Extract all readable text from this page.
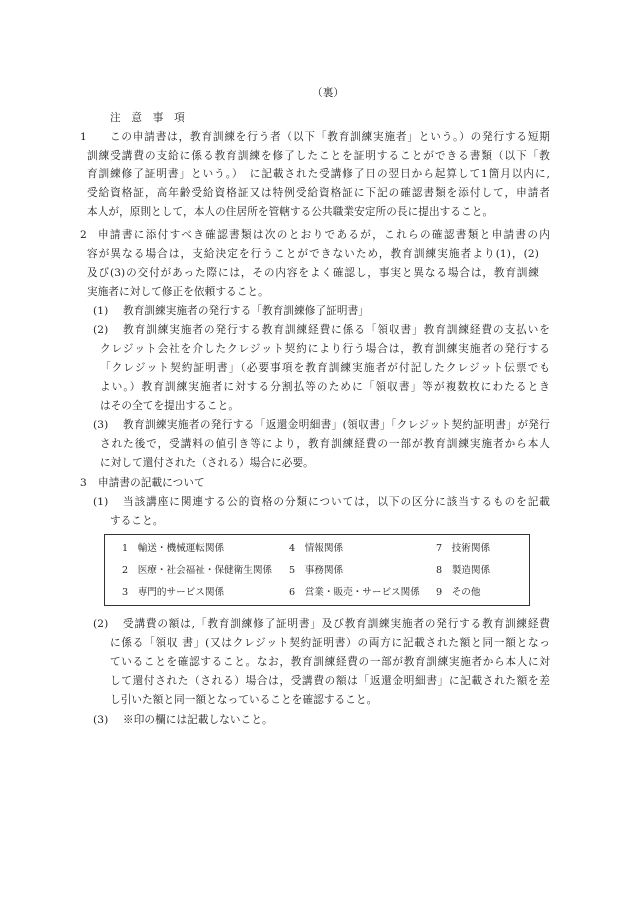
（裏）
注　意　事　項
1 この申請書は，教育訓練を行う者（以下「教育訓練実施者」という。）の発行する短期
訓練受講費の支給に係る教育訓練を修了したことを証明することができる書類（以下「教
育訓練修了証明書」という。）　に記載された受講修了日の翌日から起算して1箇月以内に,
受給資格証，高年齢受給資格証又は特例受給資格証に下記の確認書類を添付して，申請者
本人が，原則として，本人の住居所を管轄する公共職業安定所の長に提出すること。
2 申請書に添付すべき確認書類は次のとおりであるが，これらの確認書類と申請書の内
容が異なる場合は，支給決定を行うことができないため，教育訓練実施者より(1)，(2)
及び(3)の交付があった際には，その内容をよく確認し，事実と異なる場合は，教育訓練
実施者に対して修正を依頼すること。
(1) 教育訓練実施者の発行する「教育訓練修了証明書」
(2) 教育訓練実施者の発行する教育訓練経費に係る「領収書」教育訓練経費の支払いを
クレジット会社を介したクレジット契約により行う場合は，教育訓練実施者の発行する
「クレジット契約証明書」（必要事項を教育訓練実施者が付記したクレジット伝票でも
よい。）教育訓練実施者に対する分割払等のために「領収書」等が複数枚にわたるとき
はその全てを提出すること。
(3) 教育訓練実施者の発行する「返還金明細書」(領収書」「クレジット契約証明書」が発行
された後で，受講料の値引き等により，教育訓練経費の一部が教育訓練実施者から本人
に対して還付された（される）場合に必要。
3 申請書の記載について
(1) 当該講座に関連する公的資格の分類については，以下の区分に該当するものを記載
すること。
1　輸送・機械運転関係	4　情報関係	7　技術関係
2　医療・社会福祉・保健衛生関係 5　事務関係	8　製造関係
3　専門的サービス関係	6　営業・販売・サービス関係 9　その他
(2) 受講費の額は,「教育訓練修了証明書」及び教育訓練実施者の発行する教育訓練経費
に係る「領収 書」(又はクレジット契約証明書）の両方に記載された額と同一額となっ
ていることを確認すること。なお，教育訓練経費の一部が教育訓練実施者から本人に対
して還付された（される）場合は，受講費の額は「返還金明細書」に記載された額を差
し引いた額と同一額となっていることを確認すること。
(3) ※印の欄には記載しないこと。
